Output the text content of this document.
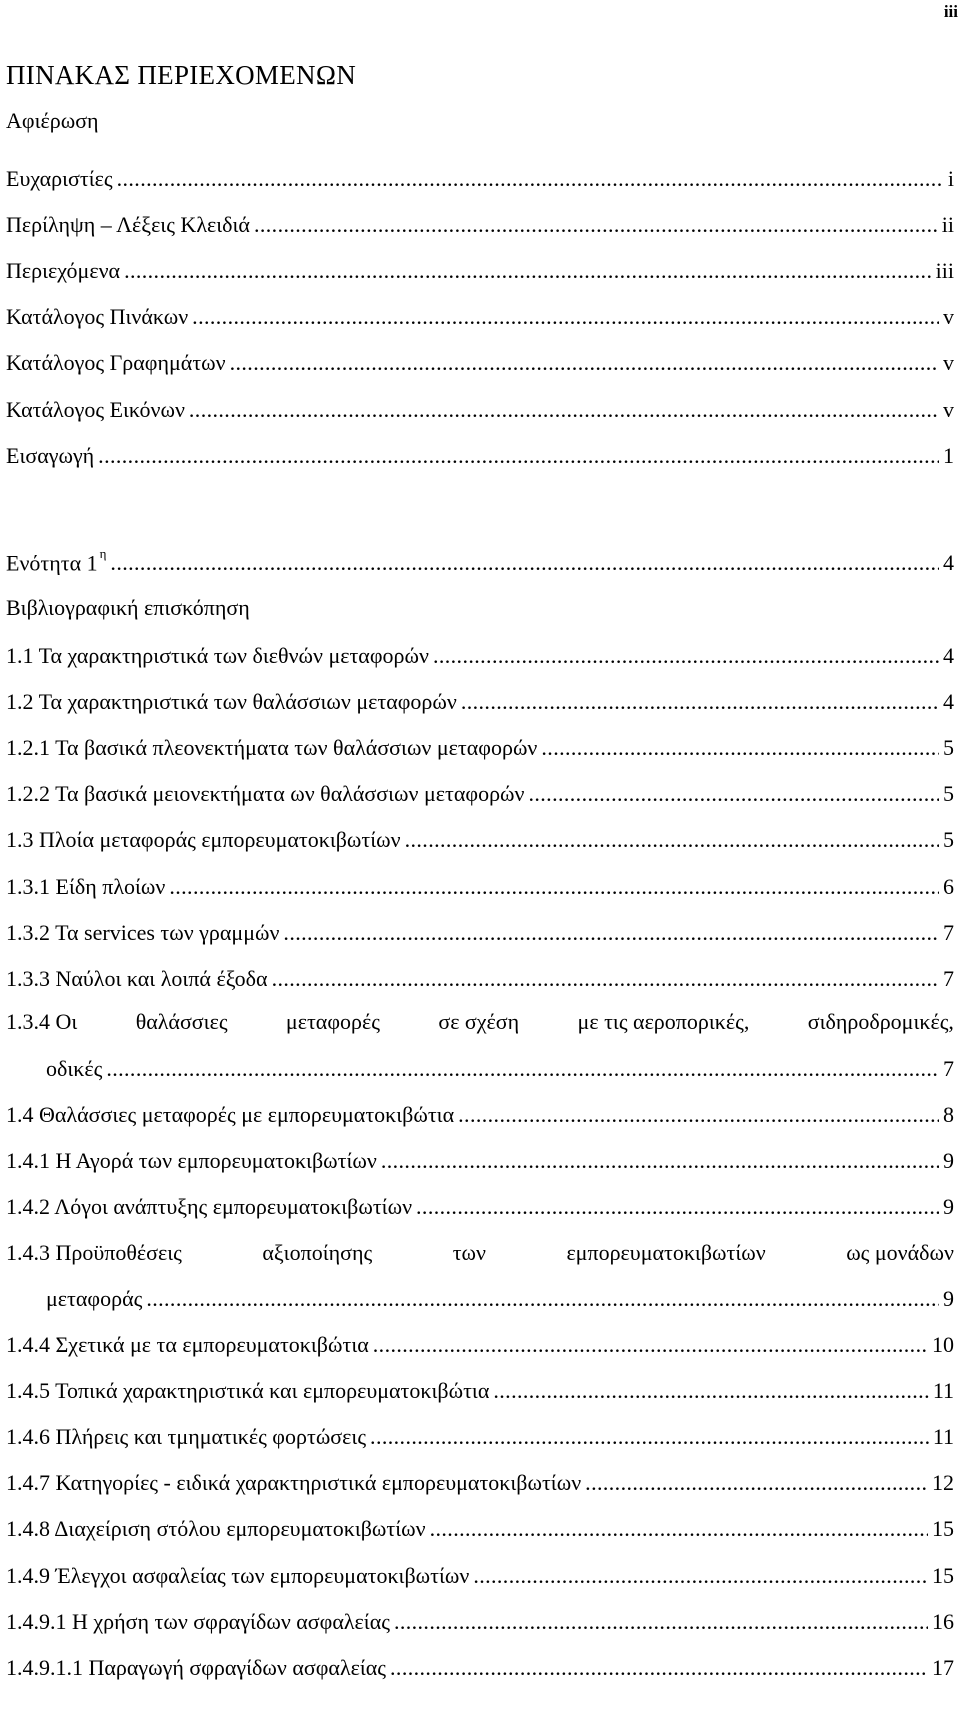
iii
ΠΙΝΑΚΑΣ ΠΕΡΙΕΧΟΜΕΝΩΝ
Αφιέρωση
Ευχαριστίες .....	i
Περίληψη – Λέξεις Κλειδιά .....	ii
Περιεχόμενα .....	iii
Κατάλογος Πινάκων .....	v
Κατάλογος Γραφημάτων .....	v
Κατάλογος Εικόνων .....	v
Εισαγωγή .....	1
Ενότητα 1 $^\eta$ .....	4
Βιβλιογραφική επισκόπηση
1.1 Τα χαρακτηριστικά των διεθνών μεταφορών .....	4
1.2 Τα χαρακτηριστικά των θαλάσσιων μεταφορών .....	4
1.2.1 Τα βασικά πλεονεκτήματα των θαλάσσιων μεταφορών .....	5
1.2.2 Τα βασικά μειονεκτήματα ων θαλάσσιων μεταφορών .....	5
1.3 Πλοία μεταφοράς εμπορευματοκιβωτίων .....	5
1.3.1 Είδη πλοίων .....	6
1.3.2 Τα services των γραμμών .....	7
1.3.3 Ναύλοι και λοιπά έξοδα .....	7
1.3.4 Οι	θαλάσσιες	μεταφορές	σε σχέση	με τις αεροπορικές,	σιδηροδρομικές,
οδικές .....	7
1.4 Θαλάσσιες μεταφορές με εμπορευματοκιβώτια .....	8
1.4.1 Η Αγορά των εμπορευματοκιβωτίων .....	9
1.4.2 Λόγοι ανάπτυξης εμπορευματοκιβωτίων .....	9
1.4.3 Προϋποθέσεις	αξιοποίησης	των	εμπορευματοκιβωτίων	ως μονάδων
μεταφοράς .....	9
1.4.4 Σχετικά με τα εμπορευματοκιβώτια .....	10
1.4.5 Τοπικά χαρακτηριστικά και εμπορευματοκιβώτια .....	11
1.4.6 Πλήρεις και τμηματικές φορτώσεις .....	11
1.4.7 Κατηγορίες - ειδικά χαρακτηριστικά εμπορευματοκιβωτίων .....	12
1.4.8 Διαχείριση στόλου εμπορευματοκιβωτίων .....	15
1.4.9 Έλεγχοι ασφαλείας των εμπορευματοκιβωτίων .....	15
1.4.9.1 Η χρήση των σφραγίδων ασφαλείας .....	16
1.4.9.1.1 Παραγωγή σφραγίδων ασφαλείας .....	17
